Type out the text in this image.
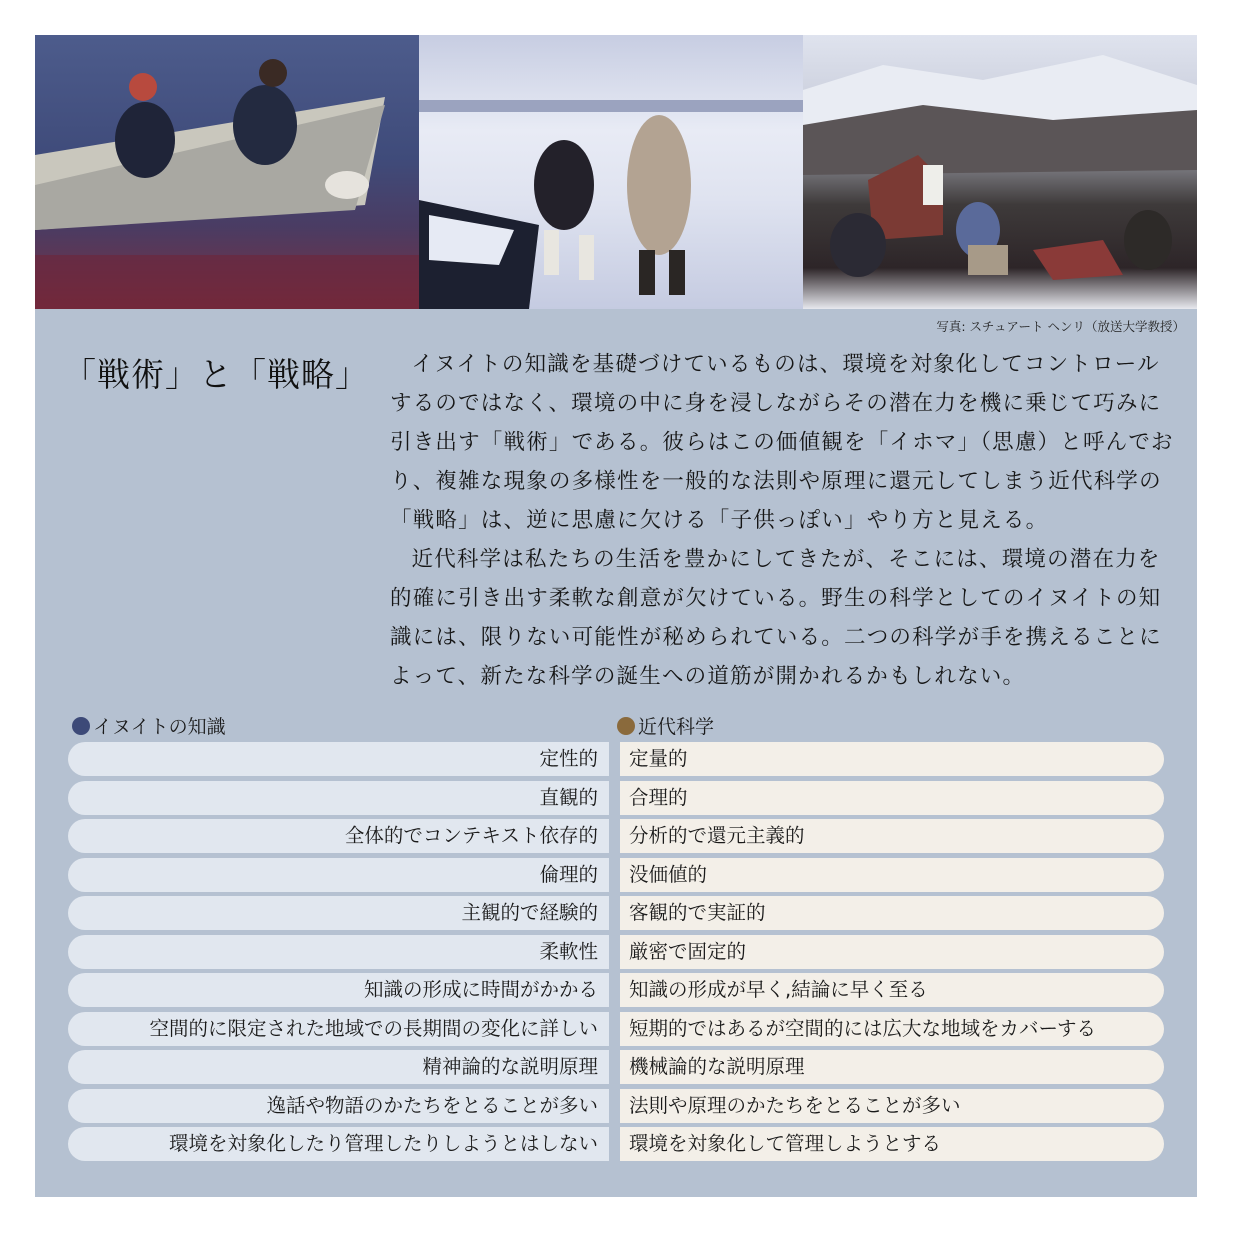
写真: スチュアート ヘンリ（放送大学教授）
「戦術」と「戦略」	イヌイトの知識を基礎づけているものは、環境を対象化してコントロールするのではなく、環境の中に身を浸しながらその潜在力を機に乗じて巧みに引き出す「戦術」である。彼らはこの価値観を「イホマ」（思慮）と呼んでおり、複雑な現象の多様性を一般的な法則や原理に還元してしまう近代科学の「戦略」は、逆に思慮に欠ける「子供っぽい」やり方と見える。

近代科学は私たちの生活を豊かにしてきたが、そこには、環境の潜在力を的確に引き出す柔軟な創意が欠けている。野生の科学としてのイヌイトの知識には、限りない可能性が秘められている。二つの科学が手を携えることによって、新たな科学の誕生への道筋が開かれるかもしれない。

イヌイトの知識	近代科学
定性的	定量的
直観的	合理的
全体的でコンテキスト依存的	分析的で還元主義的
倫理的	没価値的
主観的で経験的	客観的で実証的
柔軟性	厳密で固定的
知識の形成に時間がかかる	知識の形成が早く,結論に早く至る
空間的に限定された地域での長期間の変化に詳しい	短期的ではあるが空間的には広大な地域をカバーする
精神論的な説明原理	機械論的な説明原理
逸話や物語のかたちをとることが多い	法則や原理のかたちをとることが多い
環境を対象化したり管理したりしようとはしない	環境を対象化して管理しようとする
